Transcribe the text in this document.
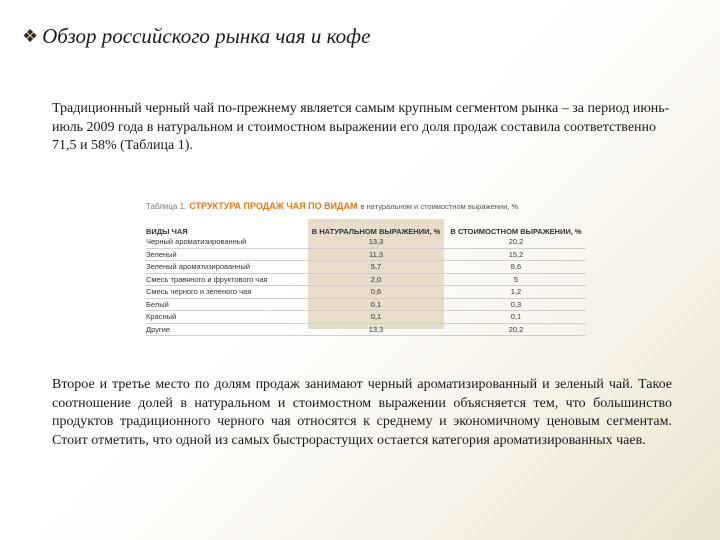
❖ Обзор российского рынка чая и кофе

Традиционный черный чай по-прежнему является самым крупным сегментом рынка – за период июнь-июль 2009 года в натуральном и стоимостном выражении его доля продаж составила соответственно 71,5 и 58% (Таблица 1).

Таблица 1. СТРУКТУРА ПРОДАЖ ЧАЯ ПО ВИДАМ в натуральном и стоимостном выражении, %
ВИДЫ ЧАЯ	В НАТУРАЛЬНОМ ВЫРАЖЕНИИ, %	В СТОИМОСТНОМ ВЫРАЖЕНИИ, %
Черный ароматизированный	13,3	20,2
Зеленый	11,3	15,2
Зеленый ароматизированный	5,7	8,6
Смесь травяного и фруктового чая	2,0	5
Смесь черного и зеленого чая	0,6	1,2
Белый	0,1	0,3
Красный	0,1	0,1
Другие	13,3	20,2

Второе и третье место по долям продаж занимают черный ароматизированный и зеленый чай. Такое соотношение долей в натуральном и стоимостном выражении объясняется тем, что большинство продуктов традиционного черного чая относятся к среднему и экономичному ценовым сегментам. Стоит отметить, что одной из самых быстрорастущих остается категория ароматизированных чаев.
